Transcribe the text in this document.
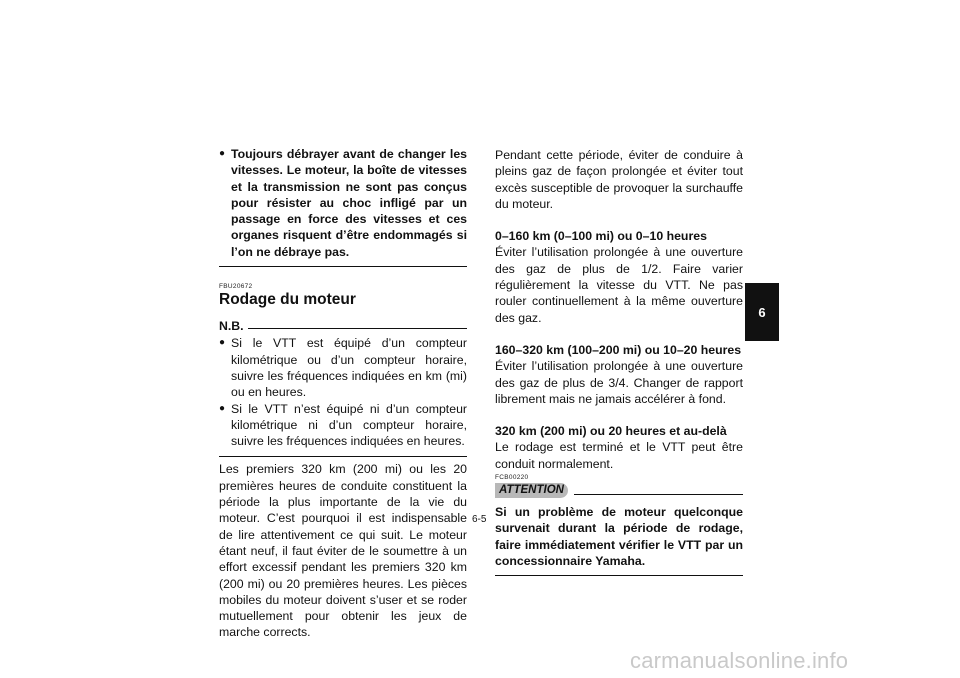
● Toujours débrayer avant de changer les vitesses. Le moteur, la boîte de vitesses et la transmission ne sont pas conçus pour résister au choc infligé par un passage en force des vitesses et ces organes risquent d’être endommagés si l’on ne débraye pas.
FBU20672
Rodage du moteur
N.B.
● Si le VTT est équipé d’un compteur kilométrique ou d’un compteur horaire, suivre les fréquences indiquées en km (mi) ou en heures.
● Si le VTT n’est équipé ni d’un compteur kilométrique ni d’un compteur horaire, suivre les fréquences indiquées en heures.

Les premiers 320 km (200 mi) ou les 20 premières heures de conduite constituent la période la plus importante de la vie du moteur. C’est pourquoi il est indispensable de lire attentivement ce qui suit. Le moteur étant neuf, il faut éviter de le soumettre à un effort excessif pendant les premiers 320 km (200 mi) ou 20 premières heures. Les pièces mobiles du moteur doivent s’user et se roder mutuellement pour obtenir les jeux de marche corrects.

Pendant cette période, éviter de conduire à pleins gaz de façon prolongée et éviter tout excès susceptible de provoquer la surchauffe du moteur.

0–160 km (0–100 mi) ou 0–10 heures

Éviter l’utilisation prolongée à une ouverture des gaz de plus de 1/2. Faire varier régulièrement la vitesse du VTT. Ne pas rouler continuellement à la même ouverture des gaz.

160–320 km (100–200 mi) ou 10–20 heures

Éviter l’utilisation prolongée à une ouverture des gaz de plus de 3/4. Changer de rapport librement mais ne jamais accélérer à fond.

320 km (200 mi) ou 20 heures et au-delà

Le rodage est terminé et le VTT peut être conduit normalement.

FCB00220
ATTENTION

Si un problème de moteur quelconque survenait durant la période de rodage, faire immédiatement vérifier le VTT par un concessionnaire Yamaha.

6-5
6
carmanualsonline.info
